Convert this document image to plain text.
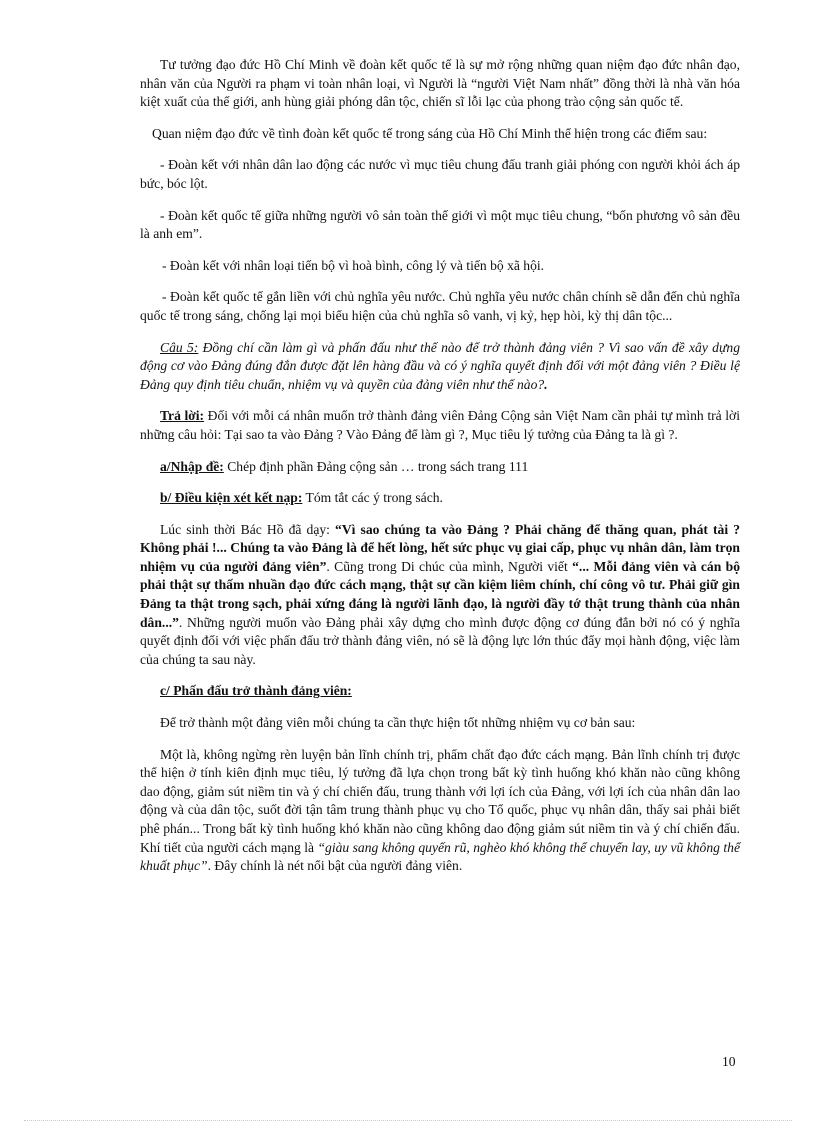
Tư tưởng đạo đức Hồ Chí Minh về đoàn kết quốc tế là sự mở rộng những quan niệm đạo đức nhân đạo, nhân văn của Người ra phạm vi toàn nhân loại, vì Người là “người Việt Nam nhất” đồng thời là nhà văn hóa kiệt xuất của thế giới, anh hùng giải phóng dân tộc, chiến sĩ lỗi lạc của phong trào cộng sản quốc tế.

Quan niệm đạo đức về tình đoàn kết quốc tế trong sáng của Hồ Chí Minh thể hiện trong các điểm sau:

- Đoàn kết với nhân dân lao động các nước vì mục tiêu chung đấu tranh giải phóng con người khỏi ách áp bức, bóc lột.

- Đoàn kết quốc tế giữa những người vô sản toàn thế giới vì một mục tiêu chung, “bốn phương vô sản đều là anh em”.

- Đoàn kết với nhân loại tiến bộ vì hoà bình, công lý và tiến bộ xã hội.

- Đoàn kết quốc tế gắn liền với chủ nghĩa yêu nước. Chủ nghĩa yêu nước chân chính sẽ dẫn đến chủ nghĩa quốc tế trong sáng, chống lại mọi biểu hiện của chủ nghĩa sô vanh, vị kỷ, hẹp hòi, kỳ thị dân tộc...

Câu 5: Đồng chí cần làm gì và phấn đấu như thế nào để trở thành đảng viên ? Vì sao vấn đề xây dựng động cơ vào Đảng đúng đắn được đặt lên hàng đầu và có ý nghĩa quyết định đối với một đảng viên ? Điều lệ Đảng quy định tiêu chuẩn, nhiệm vụ và quyền của đảng viên như thế nào?.

Trả lời: Đối với mỗi cá nhân muốn trở thành đảng viên Đảng Cộng sản Việt Nam cần phải tự mình trả lời những câu hỏi: Tại sao ta vào Đảng ? Vào Đảng để làm gì ?, Mục tiêu lý tưởng của Đảng ta là gì ?.

a/Nhập đề: Chép định phần Đảng cộng sản … trong sách trang 111

b/ Điều kiện xét kết nạp: Tóm tắt các ý trong sách.

Lúc sinh thời Bác Hồ đã dạy: “Vì sao chúng ta vào Đảng ? Phải chăng để thăng quan, phát tài ? Không phải !... Chúng ta vào Đảng là để hết lòng, hết sức phục vụ giai cấp, phục vụ nhân dân, làm trọn nhiệm vụ của người đảng viên”. Cũng trong Di chúc của mình, Người viết “... Mỗi đảng viên và cán bộ phải thật sự thấm nhuần đạo đức cách mạng, thật sự cần kiệm liêm chính, chí công vô tư. Phải giữ gìn Đảng ta thật trong sạch, phải xứng đáng là người lãnh đạo, là người đầy tớ thật trung thành của nhân dân...”. Những người muốn vào Đảng phải xây dựng cho mình được động cơ đúng đắn bởi nó có ý nghĩa quyết định đối với việc phấn đấu trở thành đảng viên, nó sẽ là động lực lớn thúc đẩy mọi hành động, việc làm của chúng ta sau này.

c/ Phấn đấu trở thành đảng viên:

Để trở thành một đảng viên mỗi chúng ta cần thực hiện tốt những nhiệm vụ cơ bản sau:

Một là, không ngừng rèn luyện bản lĩnh chính trị, phẩm chất đạo đức cách mạng. Bản lĩnh chính trị được thể hiện ở tính kiên định mục tiêu, lý tưởng đã lựa chọn trong bất kỳ tình huống khó khăn nào cũng không dao động, giảm sút niềm tin và ý chí chiến đấu, trung thành với lợi ích của Đảng, với lợi ích của nhân dân lao động và của dân tộc, suốt đời tận tâm trung thành phục vụ cho Tổ quốc, phục vụ nhân dân, thấy sai phải biết phê phán... Trong bất kỳ tình huống khó khăn nào cũng không dao động giảm sút niềm tin và ý chí chiến đấu. Khí tiết của người cách mạng là “giàu sang không quyến rũ, nghèo khó không thể chuyển lay, uy vũ không thể khuất phục”. Đây chính là nét nổi bật của người đảng viên.

10
